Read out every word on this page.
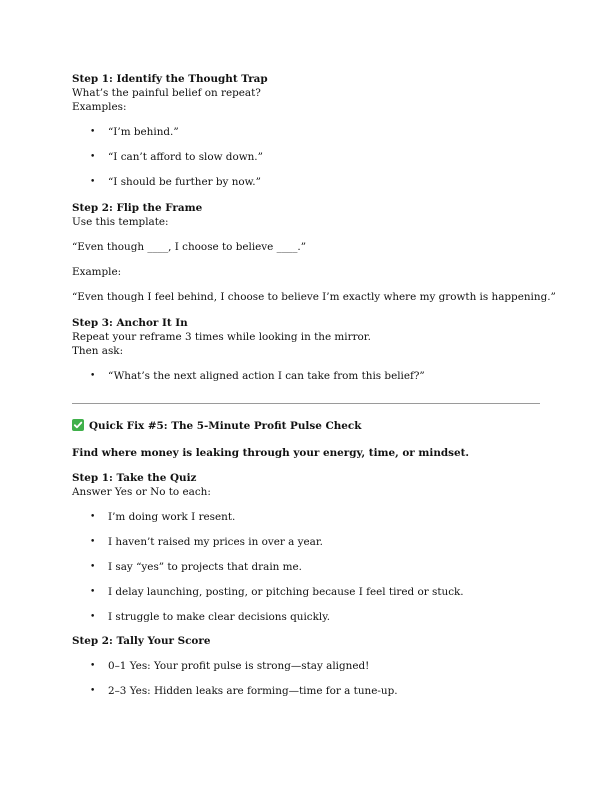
Step 1: Identify the Thought Trap
What’s the painful belief on repeat?
Examples:
• “I’m behind.”
• “I can’t afford to slow down.”
• “I should be further by now.”
Step 2: Flip the Frame
Use this template:
“Even though ____, I choose to believe ____.”
Example:
“Even though I feel behind, I choose to believe I’m exactly where my growth is happening.”
Step 3: Anchor It In
Repeat your reframe 3 times while looking in the mirror.
Then ask:
• “What’s the next aligned action I can take from this belief?”
Quick Fix #5: The 5-Minute Profit Pulse Check
Find where money is leaking through your energy, time, or mindset.
Step 1: Take the Quiz
Answer Yes or No to each:
• I’m doing work I resent.
• I haven’t raised my prices in over a year.
• I say “yes” to projects that drain me.
• I delay launching, posting, or pitching because I feel tired or stuck.
• I struggle to make clear decisions quickly.
Step 2: Tally Your Score
• 0–1 Yes: Your profit pulse is strong—stay aligned!
• 2–3 Yes: Hidden leaks are forming—time for a tune-up.
